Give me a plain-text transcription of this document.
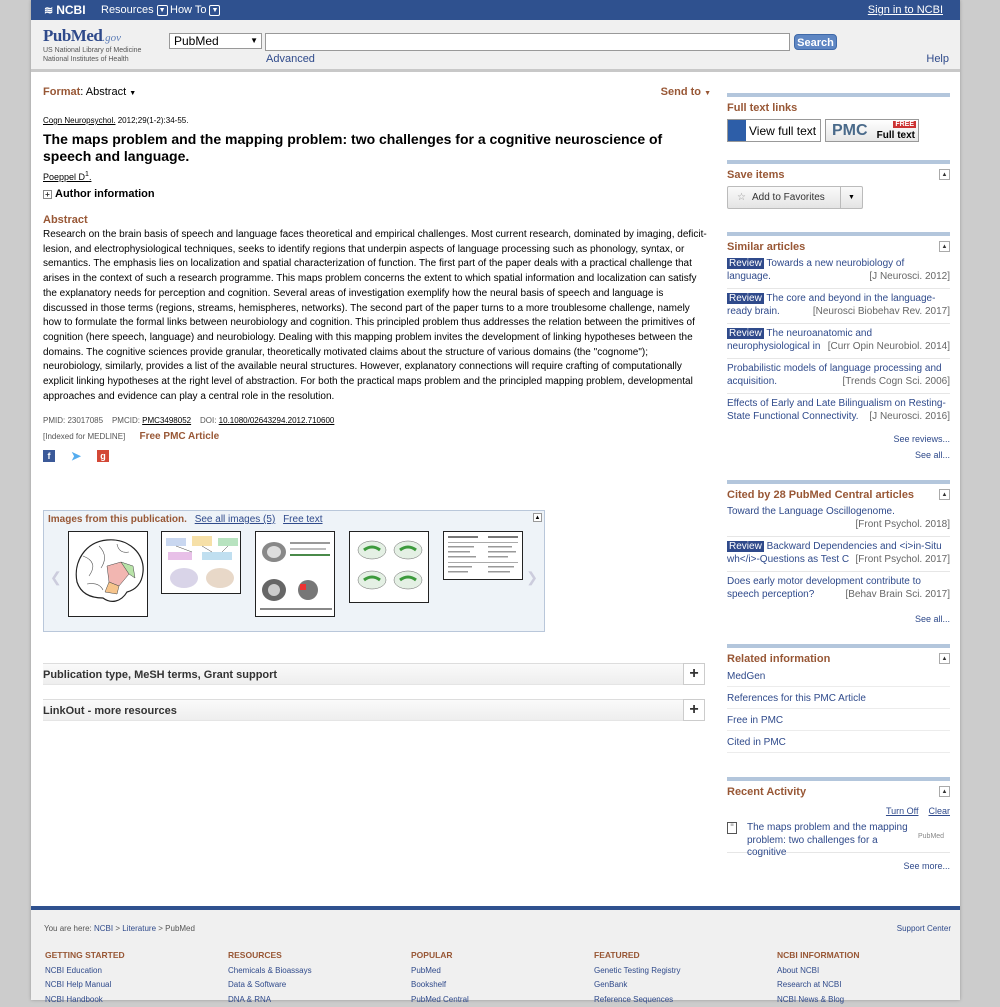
≋ NCBI Resources ▼ How To ▼	Sign in to NCBI
PubMed.gov
US National Library of Medicine
National Institutes of Health
PubMed	▼	Search
Advanced	Help
Format: Abstract ▼	Send to ▼
Cogn Neuropsychol. 2012;29(1-2):34-55.
The maps problem and the mapping problem: two challenges for a cognitive neuroscience of speech and language.
Poeppel $D^1$.
+ Author information
Abstract

Research on the brain basis of speech and language faces theoretical and empirical challenges. Most current research, dominated by imaging, deficit-lesion, and electrophysiological techniques, seeks to identify regions that underpin aspects of language processing such as phonology, syntax, or semantics. The emphasis lies on localization and spatial characterization of function. The first part of the paper deals with a practical challenge that arises in the context of such a research programme. This maps problem concerns the extent to which spatial information and localization can satisfy the explanatory needs for perception and cognition. Several areas of investigation exemplify how the neural basis of speech and language is discussed in those terms (regions, streams, hemispheres, networks). The second part of the paper turns to a more troublesome challenge, namely how to formulate the formal links between neurobiology and cognition. This principled problem thus addresses the relation between the primitives of cognition (here speech, language) and neurobiology. Dealing with this mapping problem invites the development of linking hypotheses between the domains. The cognitive sciences provide granular, theoretically motivated claims about the structure of various domains (the "cognome"); neurobiology, similarly, provides a list of the available neural structures. However, explanatory connections will require crafting of computationally explicit linking hypotheses at the right level of abstraction. For both the practical maps problem and the principled mapping problem, developmental approaches and evidence can play a central role in the resolution.

PMID: 23017085 PMCID: PMC3498052 DOI: 10.1080/02643294.2012.710600
[Indexed for MEDLINE] Free PMC Article
f	➤	g
Images from this publication. See all images (5) Free text	▲
❮	❯
Publication type, MeSH terms, Grant support	+
LinkOut - more resources	+
Full text links
View full text PMC	FREE
Full text
Save items	▲
☆ Add to Favorites	▼
Similar articles	▲
Review Towards a new neurobiology of language.	[J Neurosci. 2012]
Review The core and beyond in the language-ready brain.	[Neurosci Biobehav Rev. 2017]
Review The neuroanatomic and neurophysiological in [Curr Opin Neurobiol. 2014]
Probabilistic models of language processing and acquisition.	[Trends Cogn Sci. 2006]
Effects of Early and Late Bilingualism on Resting-State Functional Connectivity. [J Neurosci. 2016]
See reviews...
See all...
Cited by 28 PubMed Central articles	▲
Toward the Language Oscillogenome.
[Front Psychol. 2018]
Review Backward Dependencies and <i>in-Situ wh</i>-Questions as Test C [Front Psychol. 2017]
Does early motor development contribute to speech perception?	[Behav Brain Sci. 2017]
See all...
Related information	▲
MedGen
References for this PMC Article
Free in PMC
Cited in PMC
Recent Activity	▲
Turn Off Clear
≡	The maps problem and the mapping problem: two challenges for a cognitive
PubMed
See more...
You are here: NCBI > Literature > PubMed	Support Center
GETTING STARTED
NCBI Education
NCBI Help Manual
NCBI Handbook
RESOURCES
Chemicals & Bioassays
Data & Software
DNA & RNA
POPULAR
PubMed
Bookshelf
PubMed Central
FEATURED
Genetic Testing Registry
GenBank
Reference Sequences
NCBI INFORMATION
About NCBI
Research at NCBI
NCBI News & Blog
